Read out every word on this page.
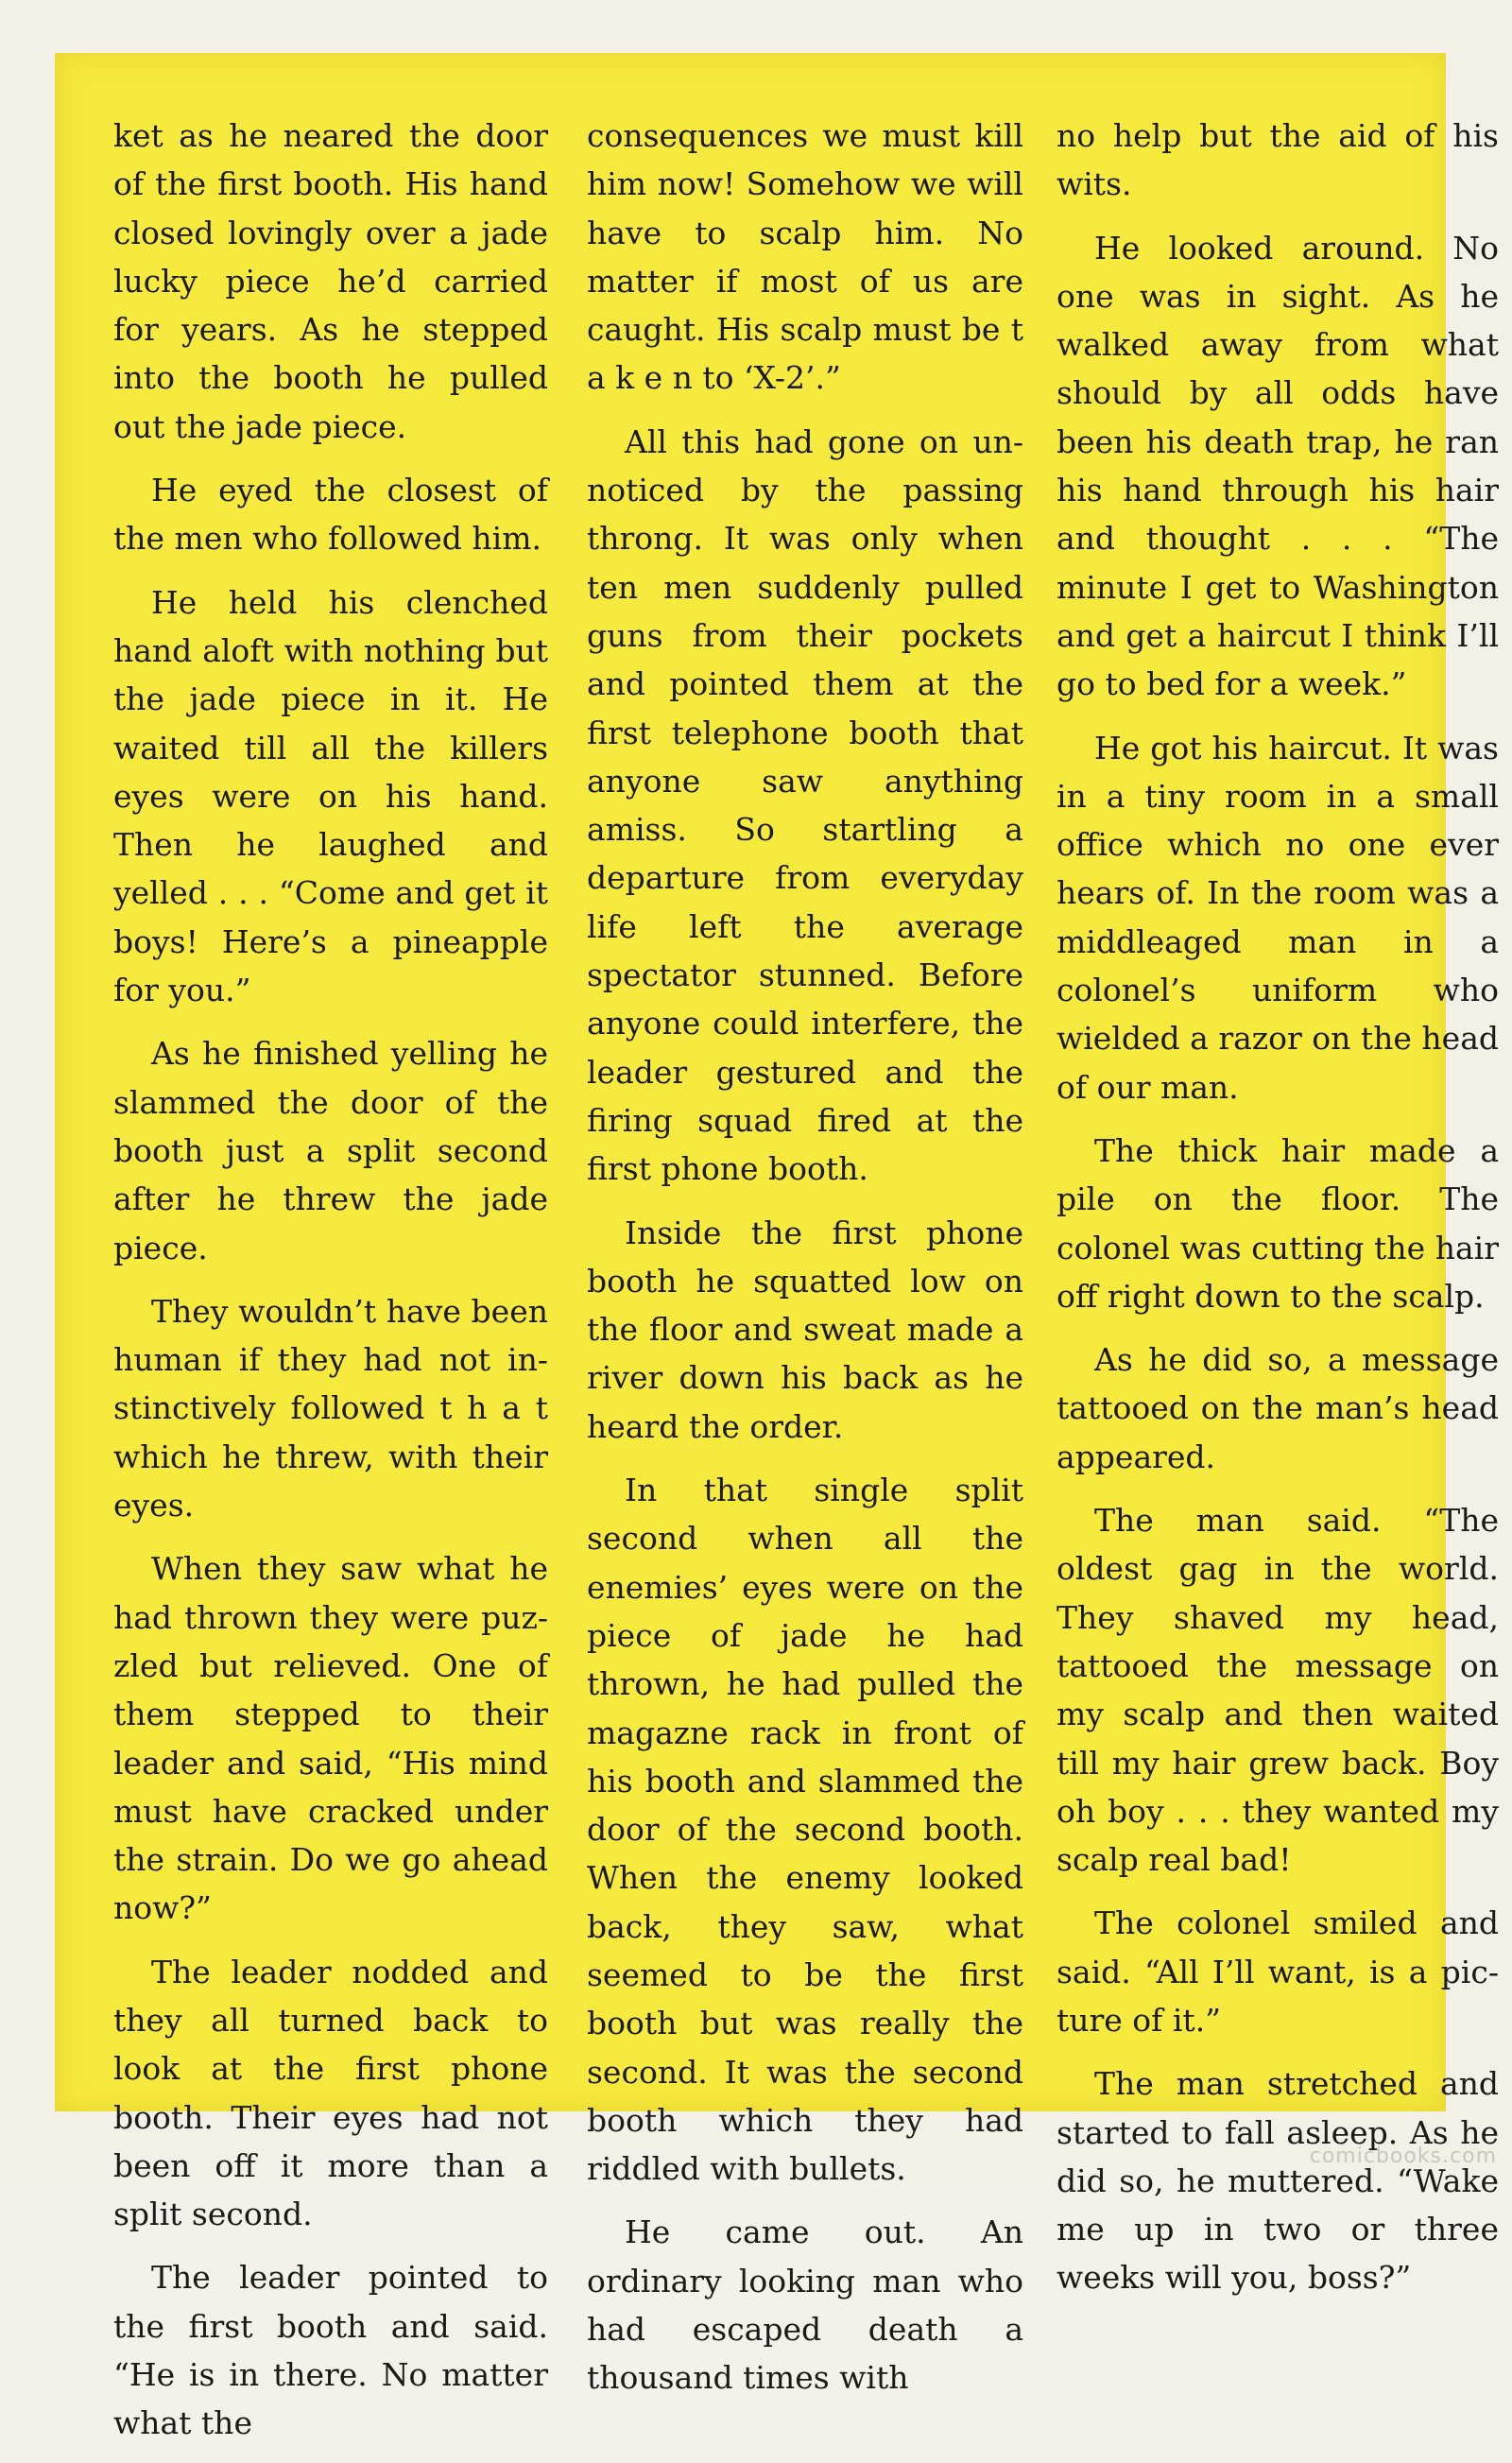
ket as he neared the door of the first booth. His hand closed lovingly over a jade lucky piece he’d carried for years. As he stepped into the booth he pulled out the jade piece.

He eyed the closest of the men who followed him.

He held his clenched hand aloft with nothing but the jade piece in it. He waited till all the killers eyes were on his hand. Then he laughed and yelled . . . “Come and get it boys! Here’s a pineapple for you.”

As he finished yelling he slammed the door of the booth just a split second after he threw the jade piece.

They wouldn’t have been human if they had not instinctively followed t h a t which he threw, with their eyes.

When they saw what he had thrown they were puzzled but relieved. One of them stepped to their leader and said, “His mind must have cracked under the strain. Do we go ahead now?”

The leader nodded and they all turned back to look at the first phone booth. Their eyes had not been off it more than a split second.

The leader pointed to the first booth and said. “He is in there. No matter what the

consequences we must kill him now! Somehow we will have to scalp him. No matter if most of us are caught. His scalp must be t a k e n to ‘X-2’.”

All this had gone on unnoticed by the passing throng. It was only when ten men suddenly pulled guns from their pockets and pointed them at the first telephone booth that anyone saw anything amiss. So startling a departure from everyday life left the average spectator stunned. Before anyone could interfere, the leader gestured and the firing squad fired at the first phone booth.

Inside the first phone booth he squatted low on the floor and sweat made a river down his back as he heard the order.

In that single split second when all the enemies’ eyes were on the piece of jade he had thrown, he had pulled the magazne rack in front of his booth and slammed the door of the second booth. When the enemy looked back, they saw, what seemed to be the first booth but was really the second. It was the second booth which they had riddled with bullets.

He came out. An ordinary looking man who had escaped death a thousand times with

no help but the aid of his wits.

He looked around. No one was in sight. As he walked away from what should by all odds have been his death trap, he ran his hand through his hair and thought . . . “The minute I get to Washington and get a haircut I think I’ll go to bed for a week.”

He got his haircut. It was in a tiny room in a small office which no one ever hears of. In the room was a middleaged man in a colonel’s uniform who wielded a razor on the head of our man.

The thick hair made a pile on the floor. The colonel was cutting the hair off right down to the scalp.

As he did so, a message tattooed on the man’s head appeared.

The man said. “The oldest gag in the world. They shaved my head, tattooed the message on my scalp and then waited till my hair grew back. Boy oh boy . . . they wanted my scalp real bad!

The colonel smiled and said. “All I’ll want, is a picture of it.”

The man stretched and started to fall asleep. As he did so, he muttered. “Wake me up in two or three weeks will you, boss?”

comicbooks.com
